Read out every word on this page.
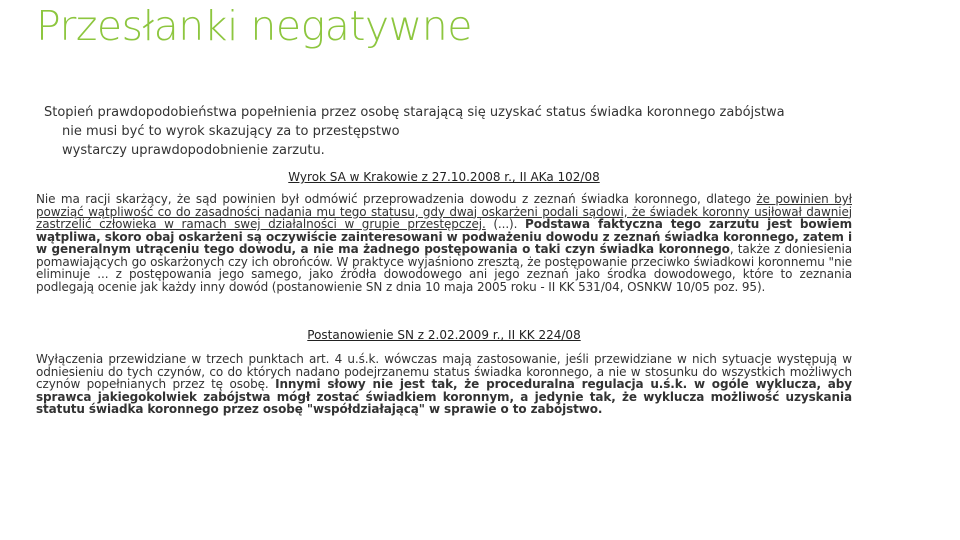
Przesłanki negatywne
Stopień prawdopodobieństwa popełnienia przez osobę starającą się uzyskać status świadka koronnego zabójstwa
nie musi być to wyrok skazujący za to przestępstwo
wystarczy uprawdopodobnienie zarzutu.
Wyrok SA w Krakowie z 27.10.2008 r., II AKa 102/08
Nie ma racji skarżący, że sąd powinien był odmówić przeprowadzenia dowodu z zeznań świadka koronnego, dlatego że powinien był powziąć wątpliwość co do zasadności nadania mu tego statusu, gdy dwaj oskarżeni podali sądowi, że świadek koronny usiłował dawniej zastrzelić człowieka w ramach swej działalności w grupie przestępczej. (...). Podstawa faktyczna tego zarzutu jest bowiem wątpliwa, skoro obaj oskarżeni są oczywiście zainteresowani w podważeniu dowodu z zeznań świadka koronnego, zatem i w generalnym utrąceniu tego dowodu, a nie ma żadnego postępowania o taki czyn świadka koronnego, także z doniesienia pomawiających go oskarżonych czy ich obrońców. W praktyce wyjaśniono zresztą, że postępowanie przeciwko świadkowi koronnemu "nie eliminuje ... z postępowania jego samego, jako źródła dowodowego ani jego zeznań jako środka dowodowego, które to zeznania podlegają ocenie jak każdy inny dowód (postanowienie SN z dnia 10 maja 2005 roku - II KK 531/04, OSNKW 10/05 poz. 95).
Postanowienie SN z 2.02.2009 r., II KK 224/08
Wyłączenia przewidziane w trzech punktach art. 4 u.ś.k. wówczas mają zastosowanie, jeśli przewidziane w nich sytuacje występują w odniesieniu do tych czynów, co do których nadano podejrzanemu status świadka koronnego, a nie w stosunku do wszystkich możliwych czynów popełnianych przez tę osobę. Innymi słowy nie jest tak, że proceduralna regulacja u.ś.k. w ogóle wyklucza, aby sprawca jakiegokolwiek zabójstwa mógł zostać świadkiem koronnym, a jedynie tak, że wyklucza możliwość uzyskania statutu świadka koronnego przez osobę "współdziałającą" w sprawie o to zabójstwo.
